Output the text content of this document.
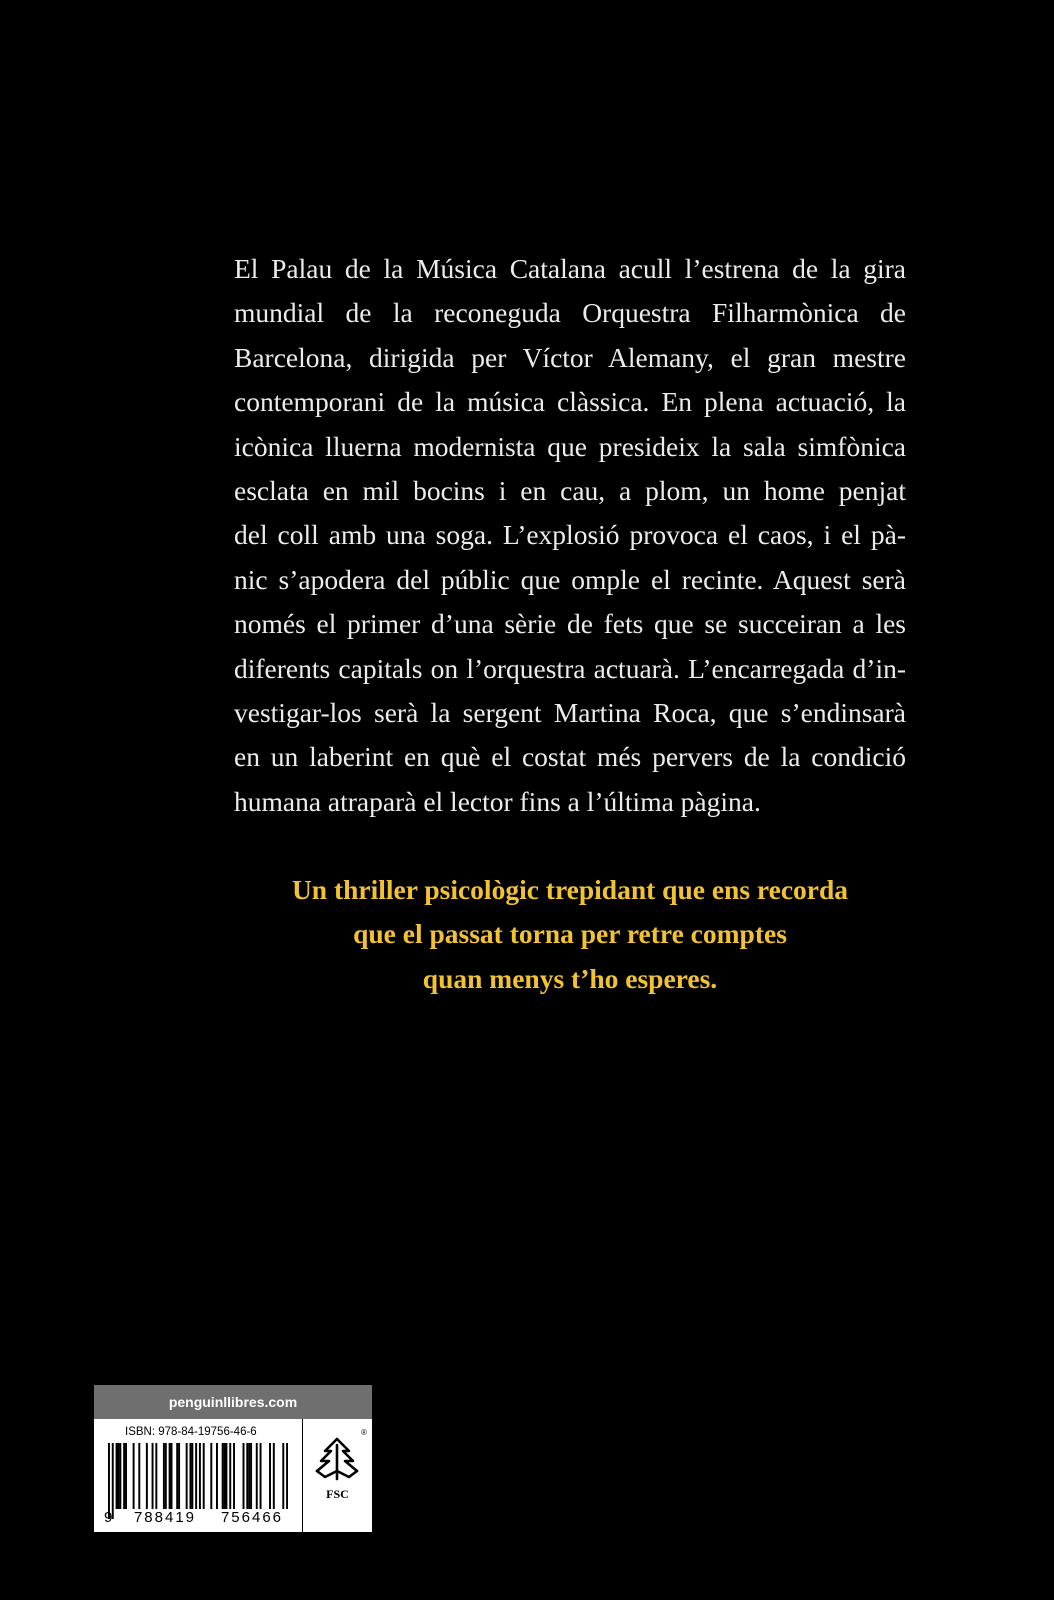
El Palau de la Música Catalana acull l’estrena de la gira
mundial de la reconeguda Orquestra Filharmònica de
Barcelona, dirigida per Víctor Alemany, el gran mestre
contemporani de la música clàssica. En plena actuació, la
icònica lluerna modernista que presideix la sala simfònica
esclata en mil bocins i en cau, a plom, un home penjat
del coll amb una soga. L’explosió provoca el caos, i el pà-
nic s’apodera del públic que omple el recinte. Aquest serà
només el primer d’una sèrie de fets que se succeiran a les
diferents capitals on l’orquestra actuarà. L’encarregada d’in-
vestigar-los serà la sergent Martina Roca, que s’endinsarà
en un laberint en què el costat més pervers de la condició
humana atraparà el lector fins a l’última pàgina.
Un thriller psicològic trepidant que ens recorda
que el passat torna per retre comptes
quan menys t’ho esperes.
penguinllibres.com
ISBN: 978-84-19756-46-6
9	788419	756466
®
FSC
